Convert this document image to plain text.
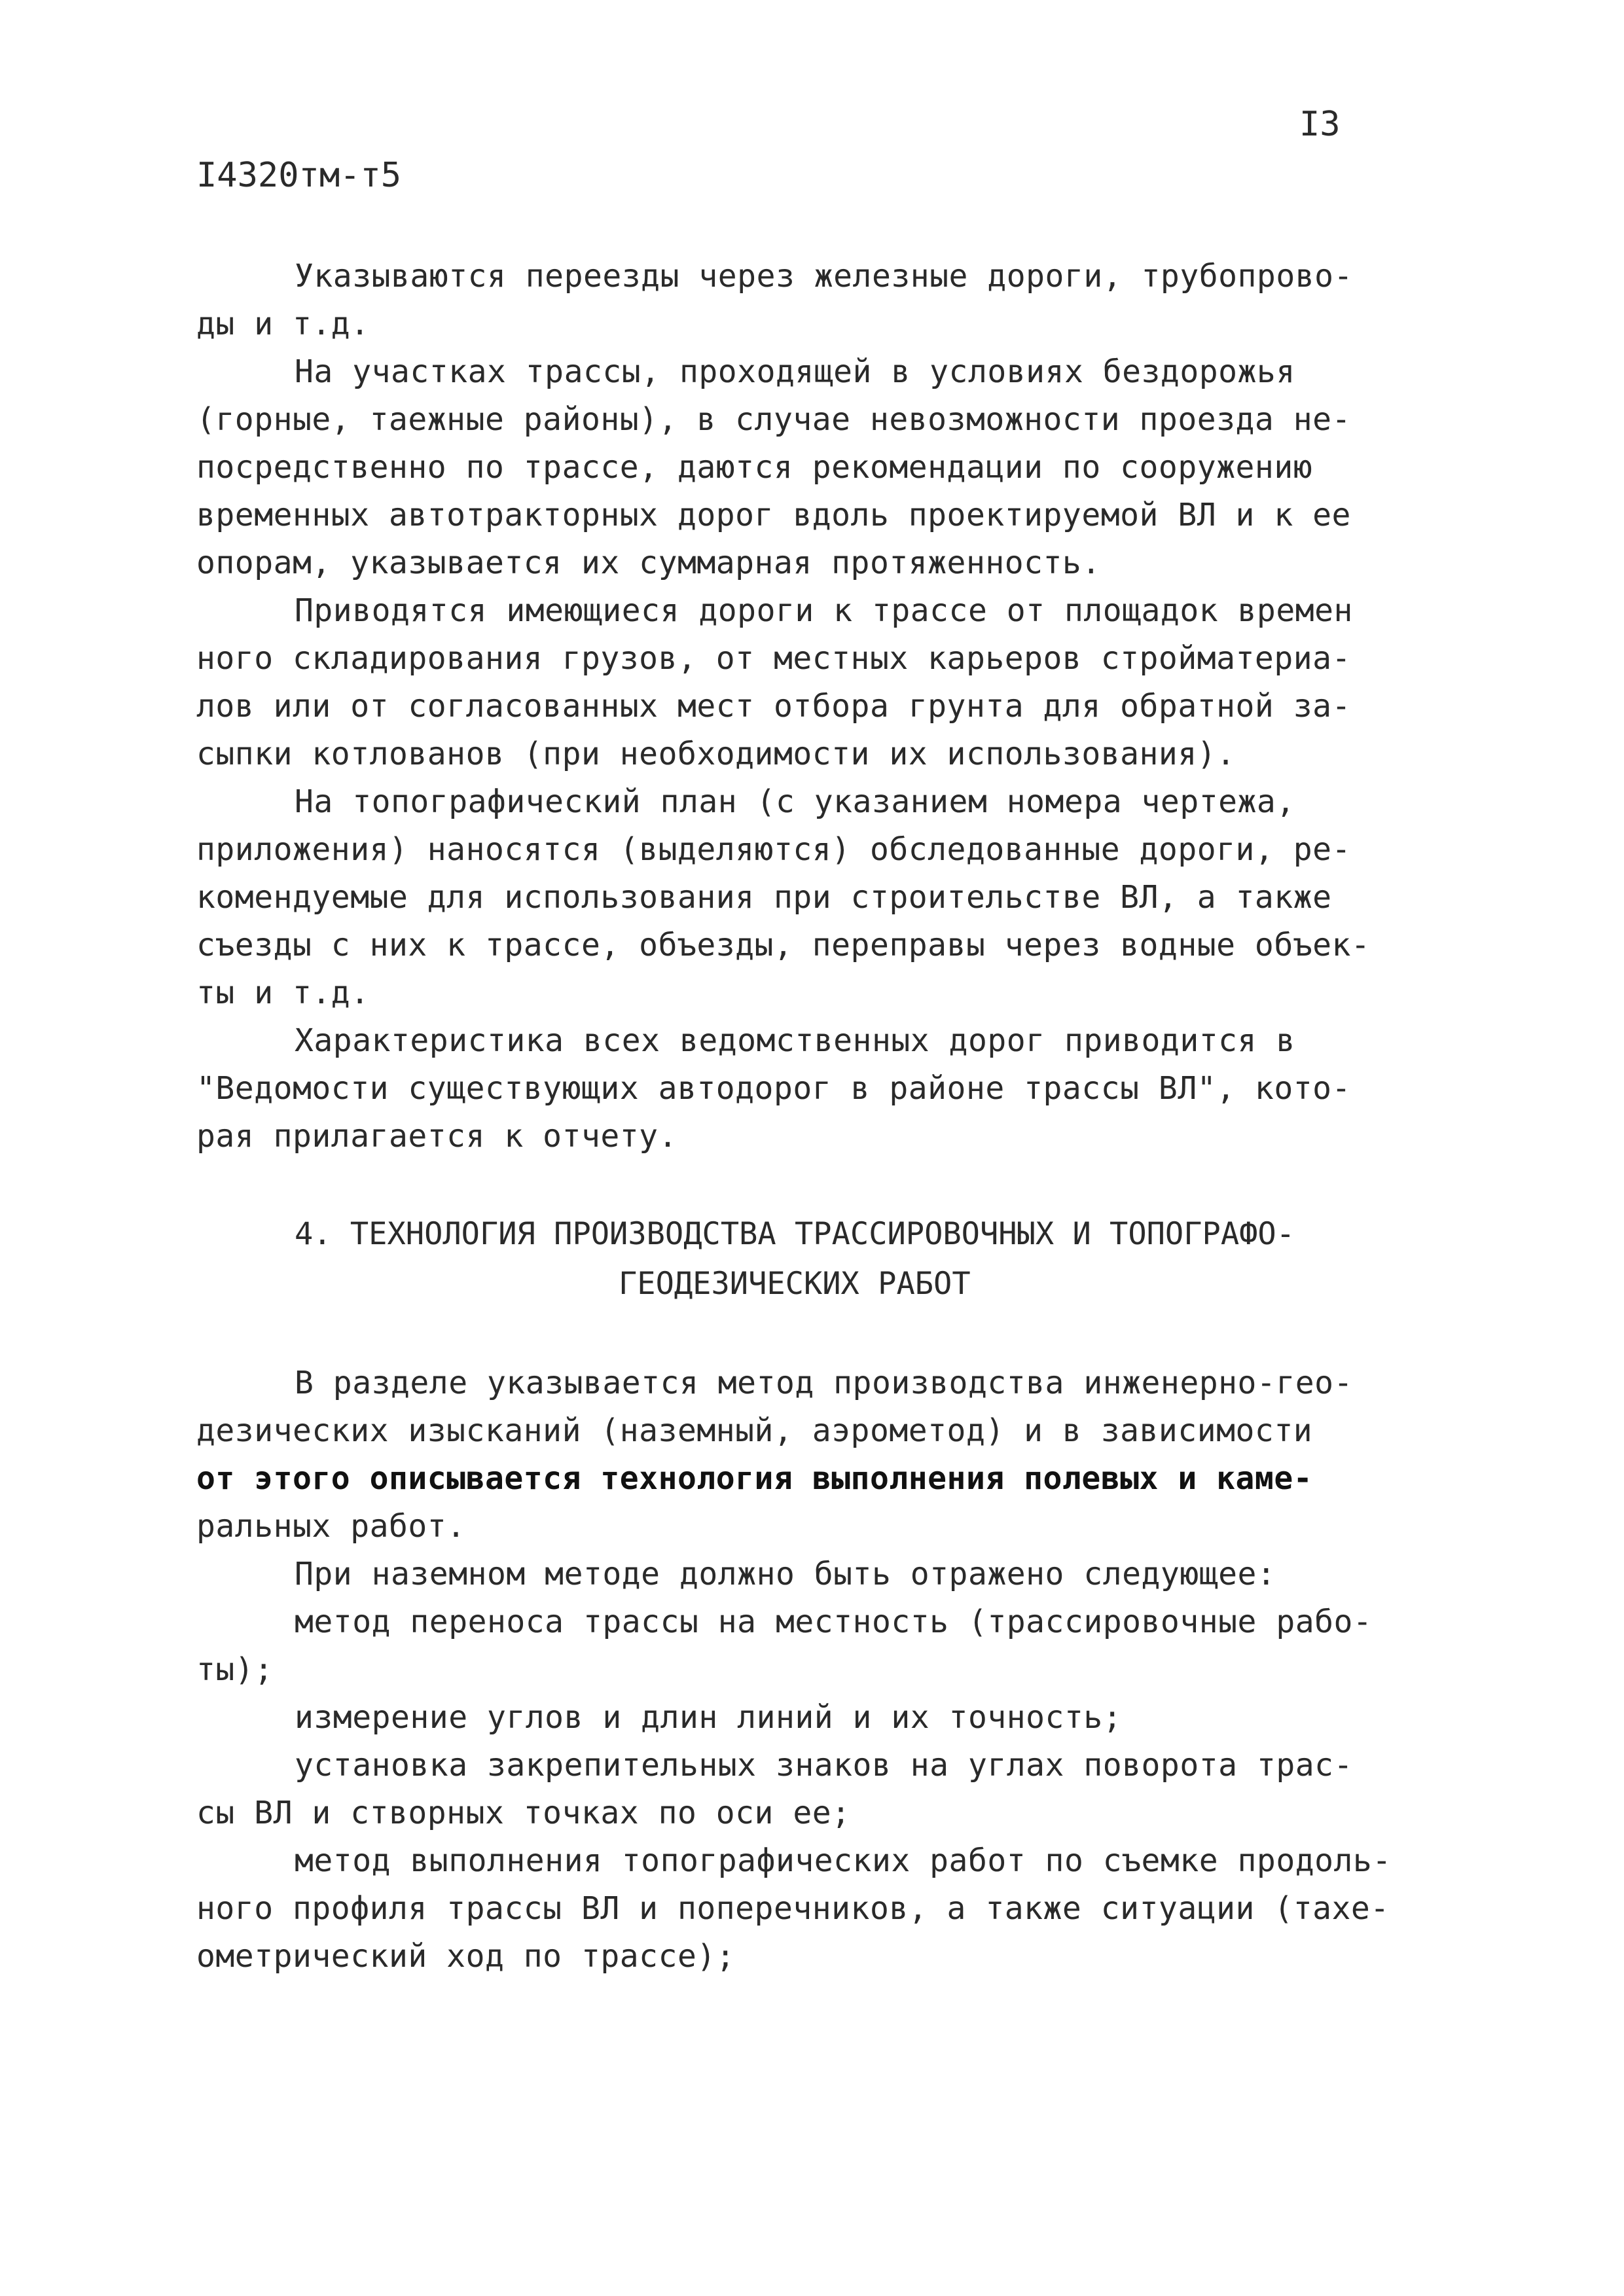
I3
I4320тм-т5
Указываются переезды через железные дороги, трубопрово-
ды и т.д.
На участках трассы, проходящей в условиях бездорожья
(горные, таежные районы), в случае невозможности проезда не-
посредственно по трассе, даются рекомендации по сооружению
временных автотракторных дорог вдоль проектируемой ВЛ и к ее
опорам, указывается их суммарная протяженность.
Приводятся имеющиеся дороги к трассе от площадок времен
ного складирования грузов, от местных карьеров стройматериа-
лов или от согласованных мест отбора грунта для обратной за-
сыпки котлованов (при необходимости их использования).
На топографический план (с указанием номера чертежа,
приложения) наносятся (выделяются) обследованные дороги, ре-
комендуемые для использования при строительстве ВЛ, а также
съезды с них к трассе, объезды, переправы через водные объек-
ты и т.д.
Характеристика всех ведомственных дорог приводится в
"Ведомости существующих автодорог в районе трассы ВЛ", кото-
рая прилагается к отчету.
4. ТЕХНОЛОГИЯ ПРОИЗВОДСТВА ТРАССИРОВОЧНЫХ И ТОПОГРАФО-
ГЕОДЕЗИЧЕСКИХ РАБОТ
В разделе указывается метод производства инженерно-гео-
дезических изысканий (наземный, аэрометод) и в зависимости
от этого описывается технология выполнения полевых и каме-
ральных работ.
При наземном методе должно быть отражено следующее:
метод переноса трассы на местность (трассировочные рабо-
ты);
измерение углов и длин линий и их точность;
установка закрепительных знаков на углах поворота трас-
сы ВЛ и створных точках по оси ее;
метод выполнения топографических работ по съемке продоль-
ного профиля трассы ВЛ и поперечников, а также ситуации (тахе-
ометрический ход по трассе);
